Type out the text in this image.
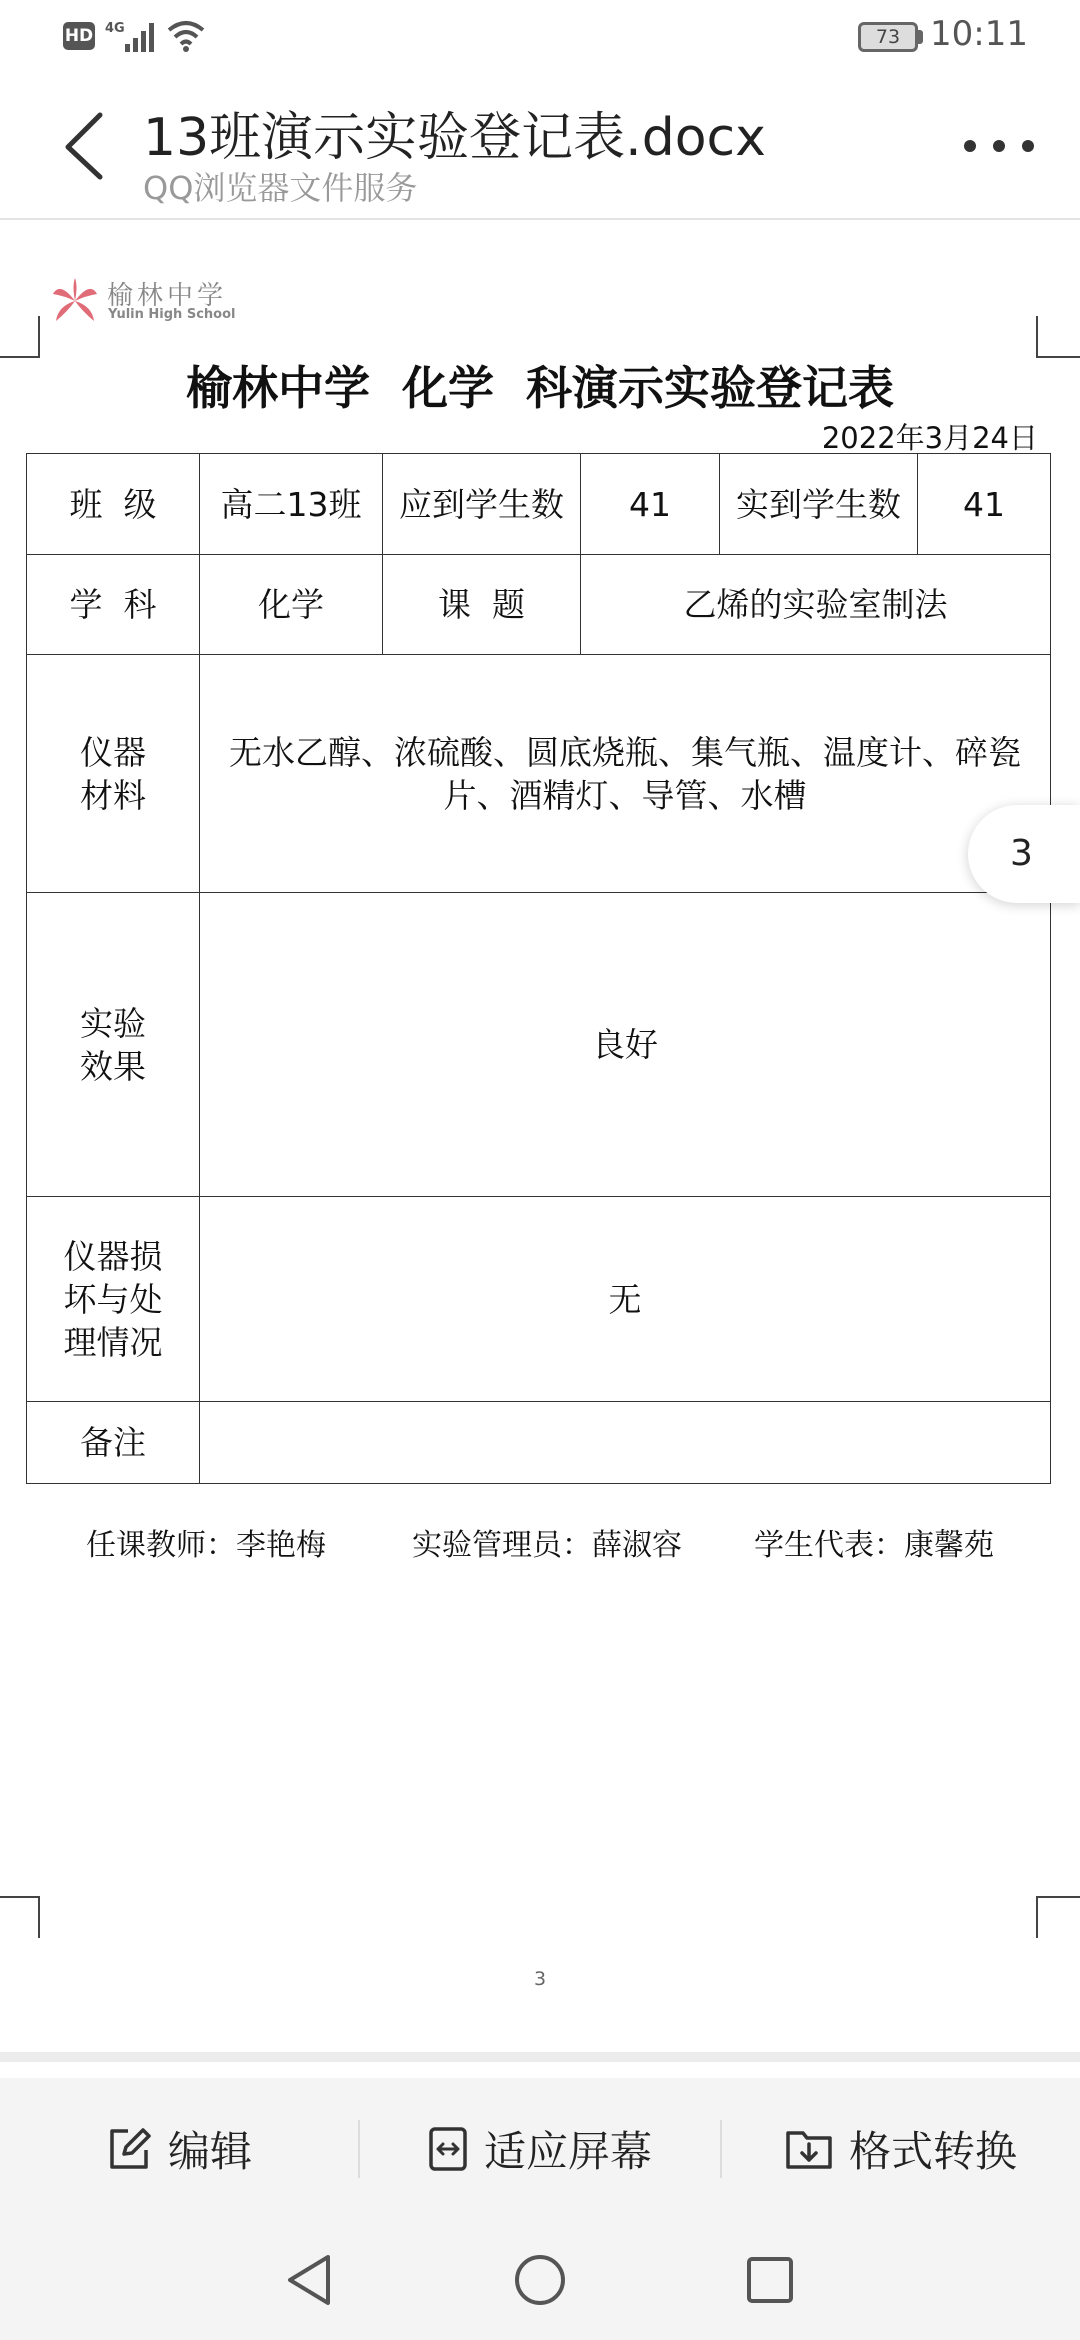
HD 4G	73 10:11
13班演示实验登记表.docx
QQ浏览器文件服务
榆林中学
Yulin High School
榆林中学  化学  科演示实验登记表
2022年3月24日
班  级	高二13班	应到学生数	41	实到学生数	41
学  科	化学	课  题	乙烯的实验室制法		

仪器
材料	无水乙醇、浓硫酸、圆底烧瓶、集气瓶、温度计、碎瓷片、酒精灯、导管、水槽				

实验
效果	良好				

仪器损
坏与处
理情况	无				
备注					
任课教师：李艳梅	实验管理员：薛淑容 学生代表：康馨苑
3
3
编辑	适应屏幕	格式转换
